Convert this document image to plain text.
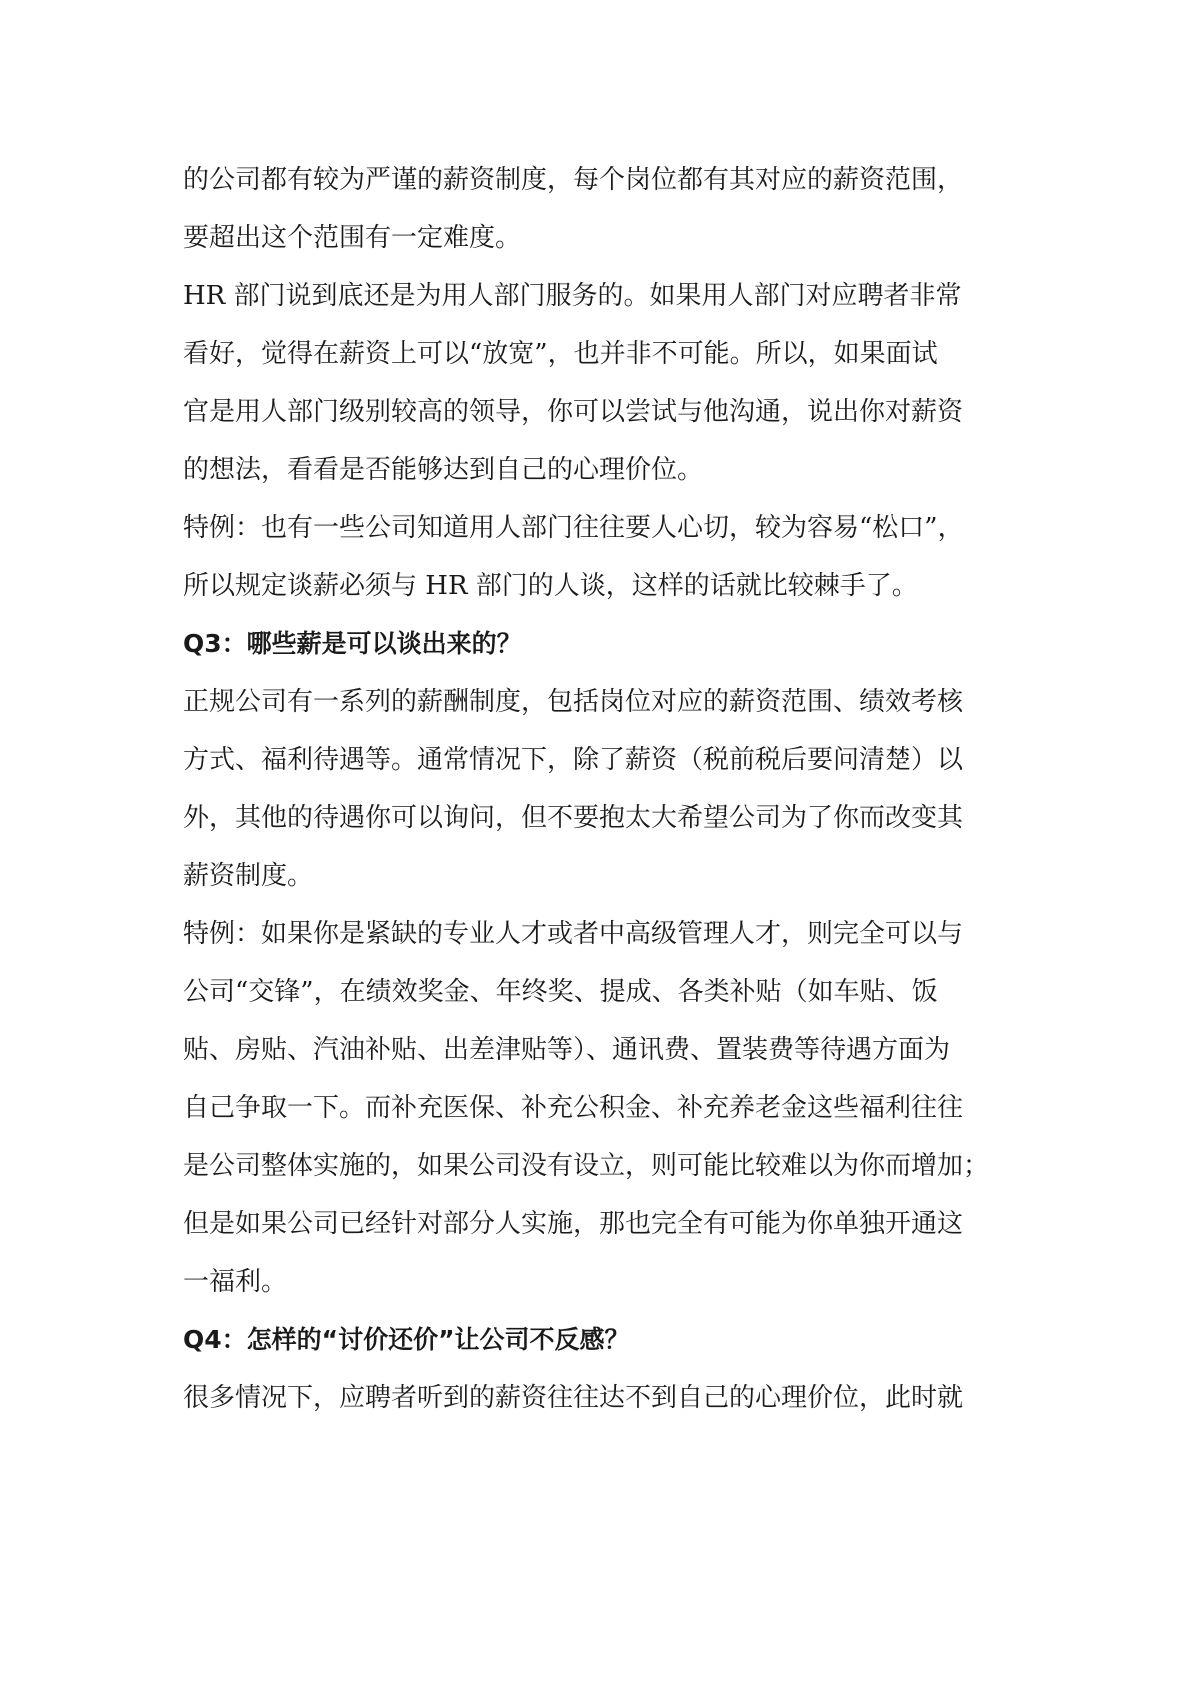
的公司都有较为严谨的薪资制度，每个岗位都有其对应的薪资范围，
要超出这个范围有一定难度。
HR 部门说到底还是为用人部门服务的。如果用人部门对应聘者非常
看好，觉得在薪资上可以“放宽”，也并非不可能。所以，如果面试
官是用人部门级别较高的领导，你可以尝试与他沟通，说出你对薪资
的想法，看看是否能够达到自己的心理价位。
特例：也有一些公司知道用人部门往往要人心切，较为容易“松口”，
所以规定谈薪必须与 HR 部门的人谈，这样的话就比较棘手了。
Q3：哪些薪是可以谈出来的？
正规公司有一系列的薪酬制度，包括岗位对应的薪资范围、绩效考核
方式、福利待遇等。通常情况下，除了薪资（税前税后要问清楚）以
外，其他的待遇你可以询问，但不要抱太大希望公司为了你而改变其
薪资制度。
特例：如果你是紧缺的专业人才或者中高级管理人才，则完全可以与
公司“交锋”，在绩效奖金、年终奖、提成、各类补贴（如车贴、饭
贴、房贴、汽油补贴、出差津贴等）、通讯费、置装费等待遇方面为
自己争取一下。而补充医保、补充公积金、补充养老金这些福利往往
是公司整体实施的，如果公司没有设立，则可能比较难以为你而增加；
但是如果公司已经针对部分人实施，那也完全有可能为你单独开通这
一福利。
Q4：怎样的“讨价还价”让公司不反感？
很多情况下，应聘者听到的薪资往往达不到自己的心理价位，此时就
